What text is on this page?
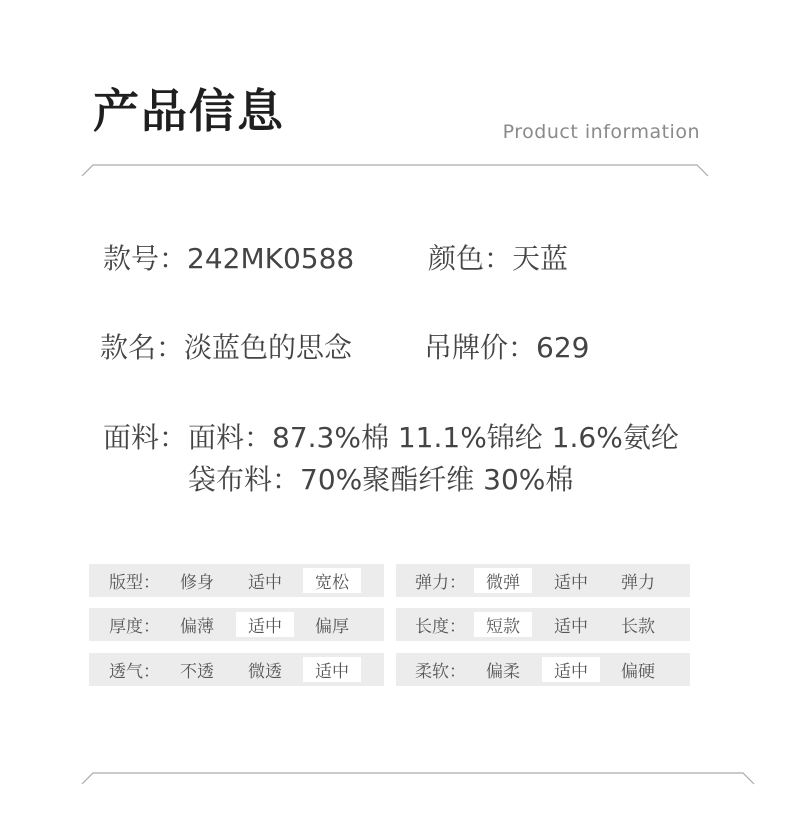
产品信息	Product information
款号：242MK0588	颜色：天蓝
款名：淡蓝色的思念	吊牌价：629
面料： 面料：87.3%棉 11.1%锦纶 1.6%氨纶
袋布料：70%聚酯纤维 30%棉
版型：	修身	适中	宽松	弹力：	微弹	适中	弹力
厚度：	偏薄	适中	偏厚	长度：	短款	适中	长款
透气：	不透	微透	适中	柔软：	偏柔	适中	偏硬
